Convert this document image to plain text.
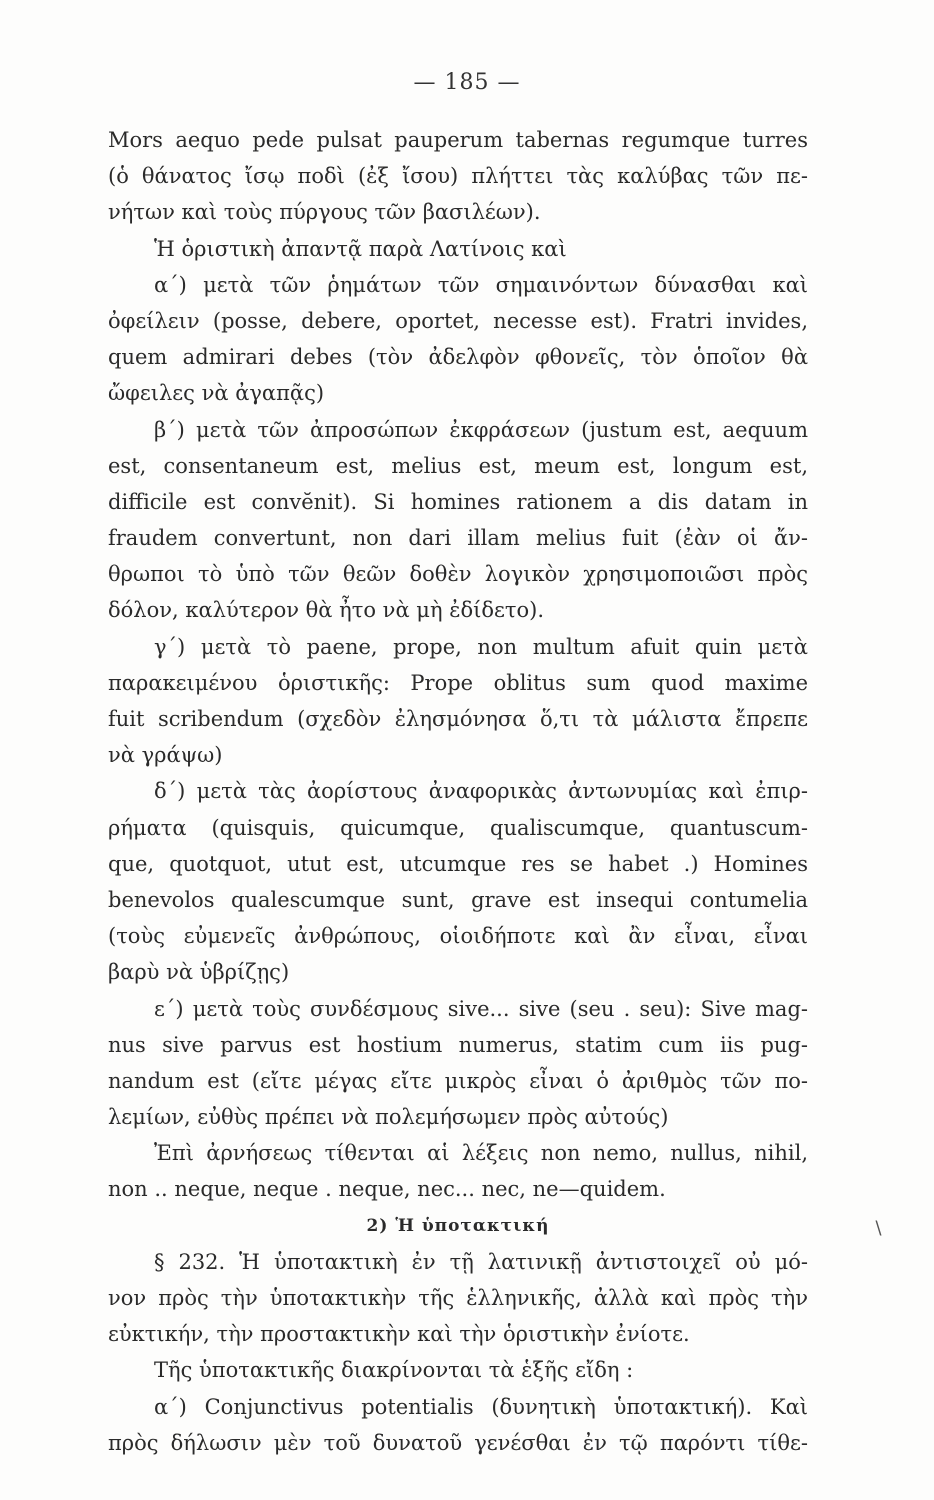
— 185 —
Mors aequo pede pulsat pauperum tabernas regumque turres
(ὁ θάνατος ἴσῳ ποδὶ (ἐξ ἴσου) πλήττει τὰς καλύβας τῶν πε-
νήτων καὶ τοὺς πύργους τῶν βασιλέων).
Ἡ ὁριστικὴ ἀπαντᾷ παρὰ Λατίνοις καὶ
α΄) μετὰ τῶν ῥημάτων τῶν σημαινόντων δύνασθαι καὶ
ὀφείλειν (posse, debere, oportet, necesse est). Fratri invides,
quem admirari debes (τὸν ἀδελφὸν φθονεῖς, τὸν ὁποῖον θὰ
ὤφειλες νὰ ἀγαπᾷς)
β΄) μετὰ τῶν ἀπροσώπων ἐκφράσεων (justum est, aequum
est, consentaneum est, melius est, meum est, longum est,
difficile est convĕnit). Si homines rationem a dis datam in
fraudem convertunt, non dari illam melius fuit (ἐὰν οἱ ἄν-
θρωποι τὸ ὑπὸ τῶν θεῶν δοθὲν λογικὸν χρησιμοποιῶσι πρὸς
δόλον, καλύτερον θὰ ἦτο νὰ μὴ ἐδίδετο).
γ΄) μετὰ τὸ paene, prope, non multum afuit quin μετὰ
παρακειμένου ὁριστικῆς: Prope oblitus sum quod maxime
fuit scribendum (σχεδὸν ἐλησμόνησα ὅ,τι τὰ μάλιστα ἔπρεπε
νὰ γράψω)
δ΄) μετὰ τὰς ἀορίστους ἀναφορικὰς ἀντωνυμίας καὶ ἐπιρ-
ρήματα (quisquis, quicumque, qualiscumque, quantuscum-
que, quotquot, utut est, utcumque res se habet .) Homines
benevolos qualescumque sunt, grave est insequi contumelia
(τοὺς εὐμενεῖς ἀνθρώπους, οἱοιδήποτε καὶ ἂν εἶναι, εἶναι
βαρὺ νὰ ὑβρίζῃς)
ε΄) μετὰ τοὺς συνδέσμους sive... sive (seu . seu): Sive mag-
nus sive parvus est hostium numerus, statim cum iis pug-
nandum est (εἴτε μέγας εἴτε μικρὸς εἶναι ὁ ἀριθμὸς τῶν πο-
λεμίων, εὐθὺς πρέπει νὰ πολεμήσωμεν πρὸς αὐτούς)
Ἐπὶ ἀρνήσεως τίθενται αἱ λέξεις non nemo, nullus, nihil,
non .. neque, neque . neque, nec... nec, ne—quidem.
2) Ἡ ὑποτακτική
§ 232. Ἡ ὑποτακτικὴ ἐν τῇ λατινικῇ ἀντιστοιχεῖ οὐ μό-
νον πρὸς τὴν ὑποτακτικὴν τῆς ἑλληνικῆς, ἀλλὰ καὶ πρὸς τὴν
εὐκτικήν, τὴν προστακτικὴν καὶ τὴν ὁριστικὴν ἐνίοτε.
Τῆς ὑποτακτικῆς διακρίνονται τὰ ἑξῆς εἴδη :
α΄) Conjunctivus potentialis (δυνητικὴ ὑποτακτική). Καὶ
πρὸς δήλωσιν μὲν τοῦ δυνατοῦ γενέσθαι ἐν τῷ παρόντι τίθε-
∖
